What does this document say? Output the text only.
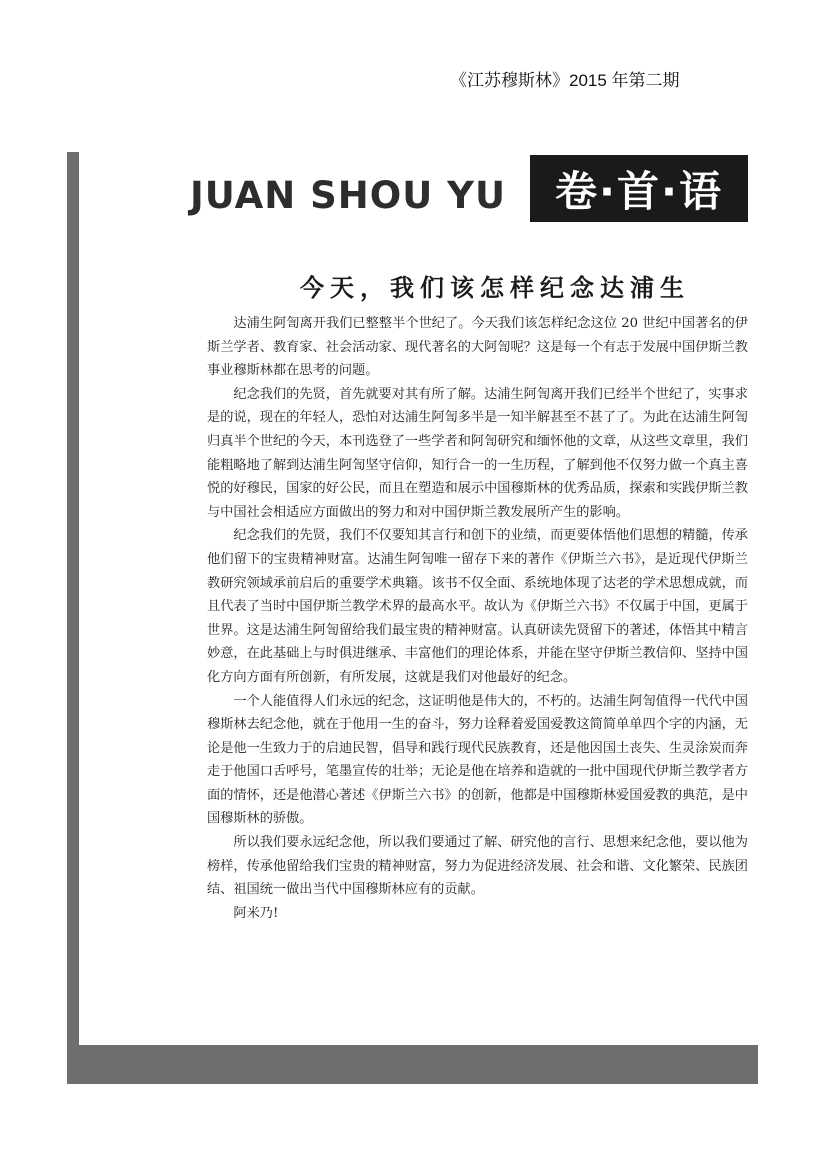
《江苏穆斯林》2015 年第二期
JUAN SHOU YU	卷·首·语
今天，我们该怎样纪念达浦生

达浦生阿訇离开我们已整整半个世纪了。今天我们该怎样纪念这位 20 世纪中国著名的伊斯兰学者、教育家、社会活动家、现代著名的大阿訇呢？这是每一个有志于发展中国伊斯兰教事业穆斯林都在思考的问题。

纪念我们的先贤，首先就要对其有所了解。达浦生阿訇离开我们已经半个世纪了，实事求是的说，现在的年轻人，恐怕对达浦生阿訇多半是一知半解甚至不甚了了。为此在达浦生阿訇归真半个世纪的今天，本刊选登了一些学者和阿訇研究和缅怀他的文章，从这些文章里，我们能粗略地了解到达浦生阿訇坚守信仰，知行合一的一生历程，了解到他不仅努力做一个真主喜悦的好穆民，国家的好公民，而且在塑造和展示中国穆斯林的优秀品质，探索和实践伊斯兰教与中国社会相适应方面做出的努力和对中国伊斯兰教发展所产生的影响。

纪念我们的先贤，我们不仅要知其言行和创下的业绩，而更要体悟他们思想的精髓，传承他们留下的宝贵精神财富。达浦生阿訇唯一留存下来的著作《伊斯兰六书》，是近现代伊斯兰教研究领域承前启后的重要学术典籍。该书不仅全面、系统地体现了达老的学术思想成就，而且代表了当时中国伊斯兰教学术界的最高水平。故认为《伊斯兰六书》不仅属于中国，更属于世界。这是达浦生阿訇留给我们最宝贵的精神财富。认真研读先贤留下的著述，体悟其中精言妙意，在此基础上与时俱进继承、丰富他们的理论体系，并能在坚守伊斯兰教信仰、坚持中国化方向方面有所创新，有所发展，这就是我们对他最好的纪念。

一个人能值得人们永远的纪念，这证明他是伟大的，不朽的。达浦生阿訇值得一代代中国穆斯林去纪念他，就在于他用一生的奋斗，努力诠释着爱国爱教这简简单单四个字的内涵，无论是他一生致力于的启迪民智，倡导和践行现代民族教育，还是他因国土丧失、生灵涂炭而奔走于他国口舌呼号，笔墨宣传的壮举；无论是他在培养和造就的一批中国现代伊斯兰教学者方面的情怀，还是他潜心著述《伊斯兰六书》的创新，他都是中国穆斯林爱国爱教的典范，是中国穆斯林的骄傲。

所以我们要永远纪念他，所以我们要通过了解、研究他的言行、思想来纪念他，要以他为榜样，传承他留给我们宝贵的精神财富，努力为促进经济发展、社会和谐、文化繁荣、民族团结、祖国统一做出当代中国穆斯林应有的贡献。

阿米乃!
